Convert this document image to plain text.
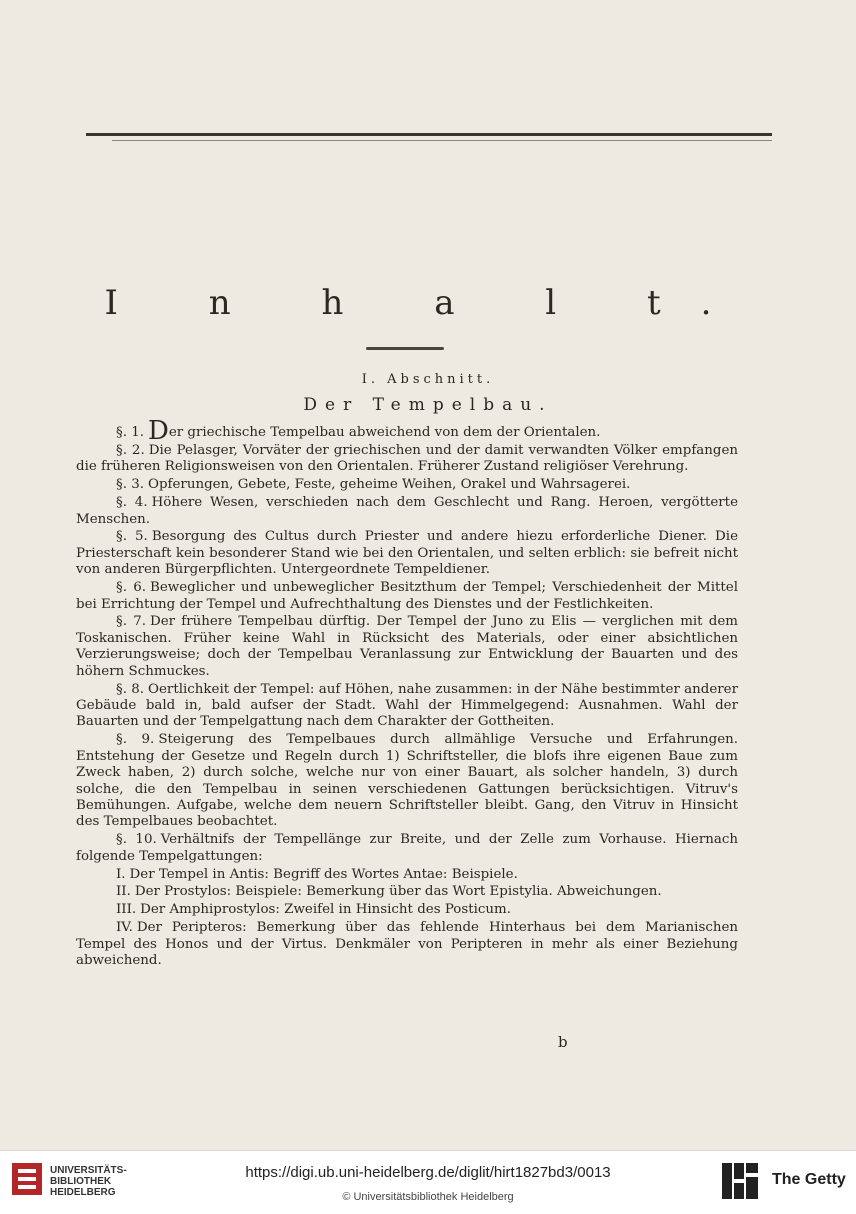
I n h a l t.
I. Abschnitt.
Der Tempelbau.

§. 1. Der griechische Tempelbau abweichend von dem der Orientalen.

§. 2. Die Pelasger, Vorväter der griechischen und der damit verwandten Völker empfangen die früheren Religionsweisen von den Orientalen. Früherer Zustand religiöser Verehrung.

§. 3. Opferungen, Gebete, Feste, geheime Weihen, Orakel und Wahrsagerei.

§. 4. Höhere Wesen, verschieden nach dem Geschlecht und Rang. Heroen, vergötterte Menschen.

§. 5. Besorgung des Cultus durch Priester und andere hiezu erforderliche Diener. Die Priesterschaft kein besonderer Stand wie bei den Orientalen, und selten erblich: sie befreit nicht von anderen Bürgerpflichten. Untergeordnete Tempeldiener.

§. 6. Beweglicher und unbeweglicher Besitzthum der Tempel; Verschiedenheit der Mittel bei Errichtung der Tempel und Aufrechthaltung des Dienstes und der Festlichkeiten.

§. 7. Der frühere Tempelbau dürftig. Der Tempel der Juno zu Elis — verglichen mit dem Toskanischen. Früher keine Wahl in Rücksicht des Materials, oder einer absichtlichen Verzierungsweise; doch der Tempelbau Veranlassung zur Entwicklung der Bauarten und des höhern Schmuckes.

§. 8. Oertlichkeit der Tempel: auf Höhen, nahe zusammen: in der Nähe bestimmter anderer Gebäude bald in, bald aufser der Stadt. Wahl der Himmelgegend: Ausnahmen. Wahl der Bauarten und der Tempelgattung nach dem Charakter der Gottheiten.

§. 9. Steigerung des Tempelbaues durch allmählige Versuche und Erfahrungen. Entstehung der Gesetze und Regeln durch 1) Schriftsteller, die blofs ihre eigenen Baue zum Zweck haben, 2) durch solche, welche nur von einer Bauart, als solcher handeln, 3) durch solche, die den Tempelbau in seinen verschiedenen Gattungen berücksichtigen. Vitruv's Bemühungen. Aufgabe, welche dem neuern Schriftsteller bleibt. Gang, den Vitruv in Hinsicht des Tempelbaues beobachtet.

§. 10. Verhältnifs der Tempellänge zur Breite, und der Zelle zum Vorhause. Hiernach folgende Tempelgattungen:

I. Der Tempel in Antis: Begriff des Wortes Antae: Beispiele.

II. Der Prostylos: Beispiele: Bemerkung über das Wort Epistylia. Abweichungen.

III. Der Amphiprostylos: Zweifel in Hinsicht des Posticum.

IV. Der Peripteros: Bemerkung über das fehlende Hinterhaus bei dem Marianischen Tempel des Honos und der Virtus. Denkmäler von Peripteren in mehr als einer Beziehung abweichend.

b
UNIVERSITÄTS-
BIBLIOTHEK
HEIDELBERG
https://digi.ub.uni-heidelberg.de/diglit/hirt1827bd3/0013
© Universitätsbibliothek Heidelberg
The Getty
